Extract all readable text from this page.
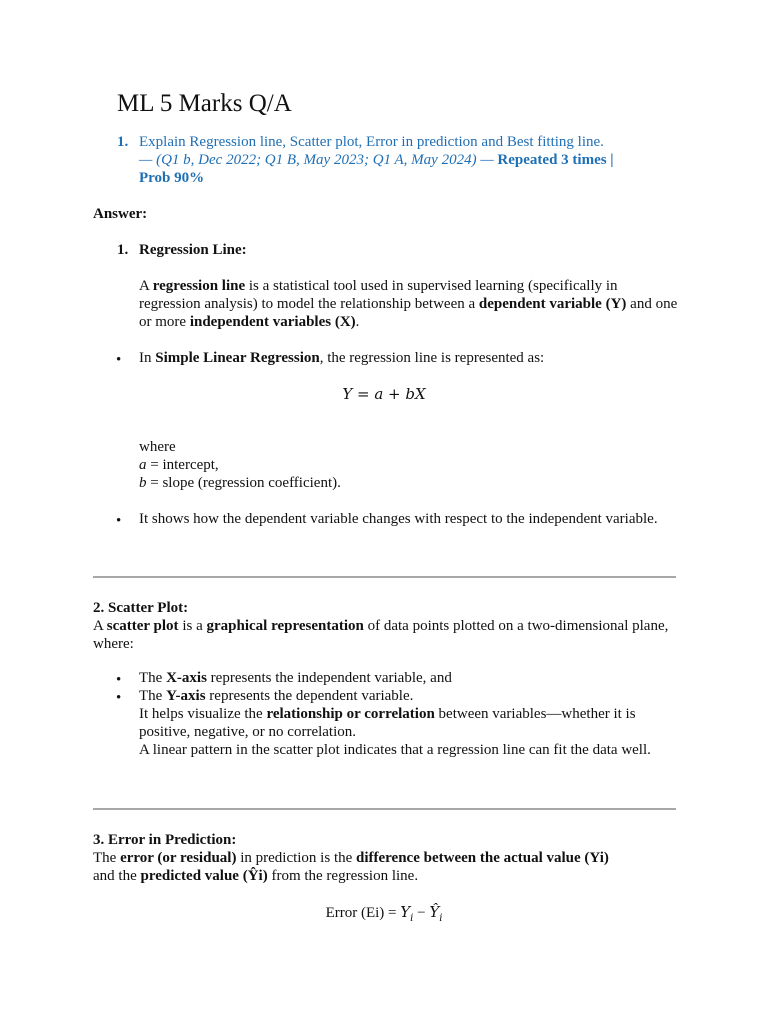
ML 5 Marks Q/A
1. Explain Regression line, Scatter plot, Error in prediction and Best fitting line.
— (Q1 b, Dec 2022; Q1 B, May 2023; Q1 A, May 2024) — Repeated 3 times |
Prob 90%
Answer:
1. Regression Line:
A regression line is a statistical tool used in supervised learning (specifically in regression analysis) to model the relationship between a dependent variable (Y) and one or more independent variables (X).
• In Simple Linear Regression, the regression line is represented as:
Y = a + bX
where
a = intercept,
b = slope (regression coefficient).
• It shows how the dependent variable changes with respect to the independent variable.
2. Scatter Plot:
A scatter plot is a graphical representation of data points plotted on a two-dimensional plane, where:
• The X-axis represents the independent variable, and
• The Y-axis represents the dependent variable.
It helps visualize the relationship or correlation between variables—whether it is positive, negative, or no correlation.
A linear pattern in the scatter plot indicates that a regression line can fit the data well.
3. Error in Prediction:
The error (or residual) in prediction is the difference between the actual value (Yi)
and the predicted value (Ŷi) from the regression line.
Error $(Ei) = Y_i$ − $Ŷ_i$
